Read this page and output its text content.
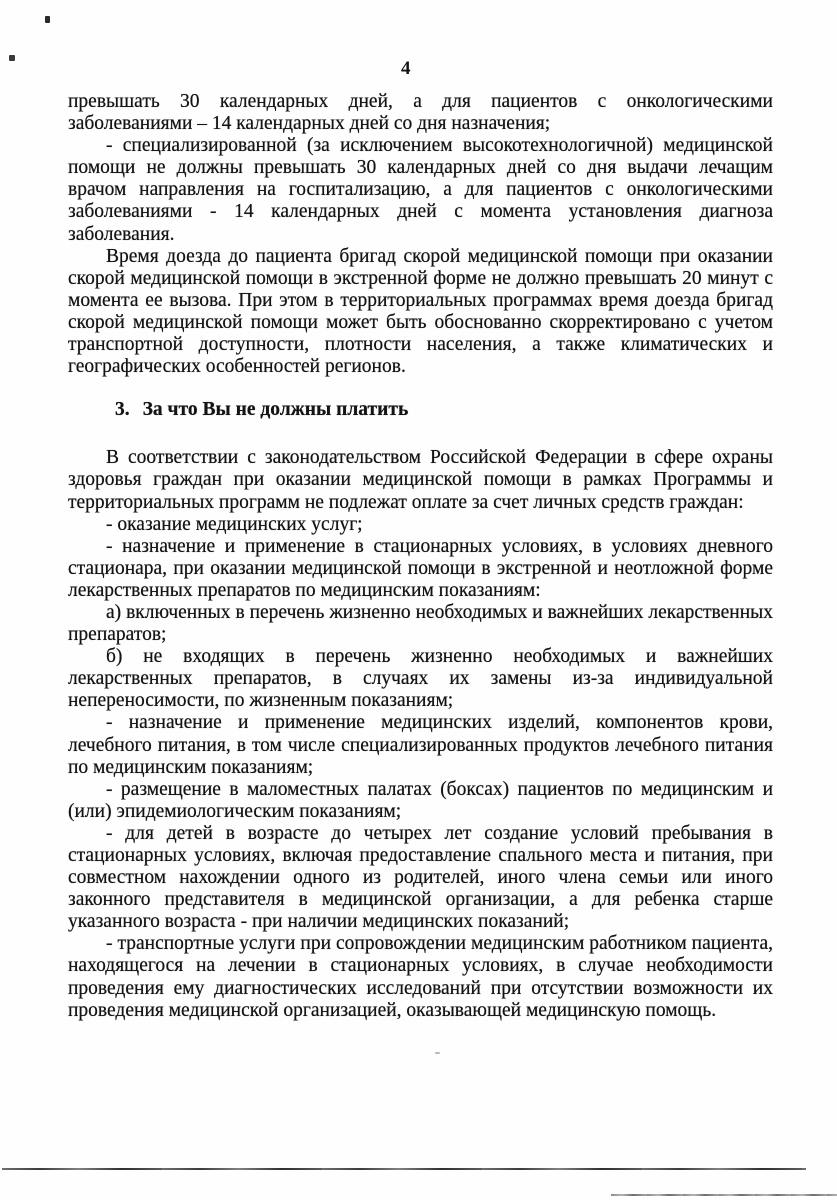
4

превышать 30 календарных дней, а для пациентов с онкологическими заболеваниями – 14 календарных дней со дня назначения;

- специализированной (за исключением высокотехнологичной) медицинской помощи не должны превышать 30 календарных дней со дня выдачи лечащим врачом направления на госпитализацию, а для пациентов с онкологическими заболеваниями - 14 календарных дней с момента установления диагноза заболевания.

Время доезда до пациента бригад скорой медицинской помощи при оказании скорой медицинской помощи в экстренной форме не должно превышать 20 минут с момента ее вызова. При этом в территориальных программах время доезда бригад скорой медицинской помощи может быть обоснованно скорректировано с учетом транспортной доступности, плотности населения, а также климатических и географических особенностей регионов.

3. За что Вы не должны платить

В соответствии с законодательством Российской Федерации в сфере охраны здоровья граждан при оказании медицинской помощи в рамках Программы и территориальных программ не подлежат оплате за счет личных средств граждан:

- оказание медицинских услуг;

- назначение и применение в стационарных условиях, в условиях дневного стационара, при оказании медицинской помощи в экстренной и неотложной форме лекарственных препаратов по медицинским показаниям:

а) включенных в перечень жизненно необходимых и важнейших лекарственных препаратов;

б) не входящих в перечень жизненно необходимых и важнейших лекарственных препаратов, в случаях их замены из-за индивидуальной непереносимости, по жизненным показаниям;

- назначение и применение медицинских изделий, компонентов крови, лечебного питания, в том числе специализированных продуктов лечебного питания по медицинским показаниям;

- размещение в маломестных палатах (боксах) пациентов по медицинским и (или) эпидемиологическим показаниям;

- для детей в возрасте до четырех лет создание условий пребывания в стационарных условиях, включая предоставление спального места и питания, при совместном нахождении одного из родителей, иного члена семьи или иного законного представителя в медицинской организации, а для ребенка старше указанного возраста - при наличии медицинских показаний;

- транспортные услуги при сопровождении медицинским работником пациента, находящегося на лечении в стационарных условиях, в случае необходимости проведения ему диагностических исследований при отсутствии возможности их проведения медицинской организацией, оказывающей медицинскую помощь.
